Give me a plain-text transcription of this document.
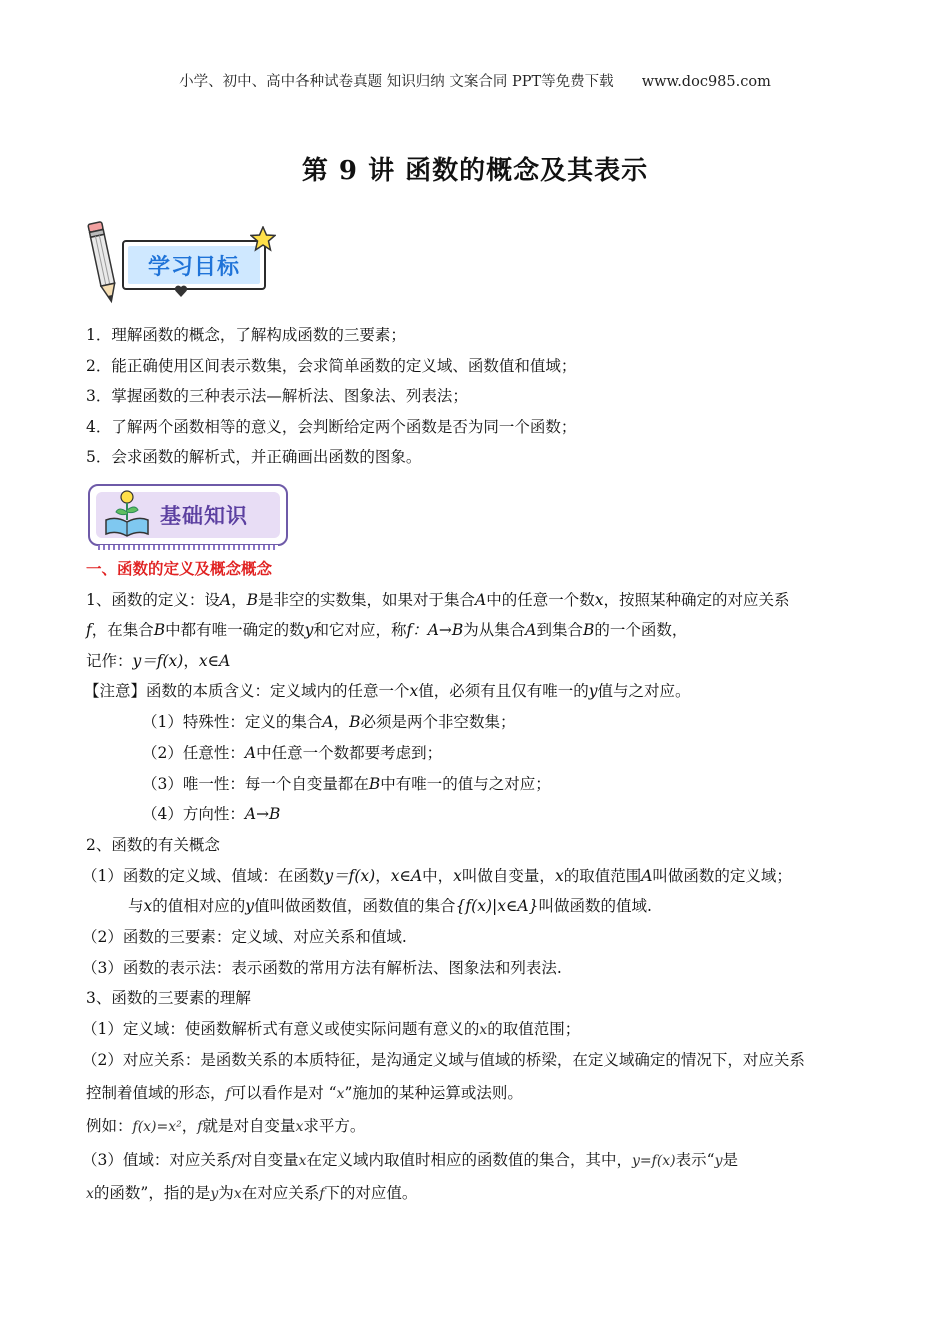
小学、初中、高中各种试卷真题 知识归纳 文案合同 PPT等免费下载 www.doc985.com
第 9 讲 函数的概念及其表示
学习目标
1．理解函数的概念，了解构成函数的三要素；
2．能正确使用区间表示数集，会求简单函数的定义域、函数值和值域；
3．掌握函数的三种表示法—解析法、图象法、列表法；
4．了解两个函数相等的意义，会判断给定两个函数是否为同一个函数；
5．会求函数的解析式，并正确画出函数的图象。
基础知识
一、函数的定义及概念概念
1、函数的定义：设A，B是非空的实数集，如果对于集合A中的任意一个数x，按照某种确定的对应关系
f，在集合B中都有唯一确定的数y和它对应，称f：A→B为从集合A到集合B的一个函数，
记作：y＝f(x)，x∈A
【注意】函数的本质含义：定义域内的任意一个x值，必须有且仅有唯一的y值与之对应。
（1）特殊性：定义的集合A，B必须是两个非空数集；
（2）任意性：A中任意一个数都要考虑到；
（3）唯一性：每一个自变量都在B中有唯一的值与之对应；
（4）方向性：A→B
2、函数的有关概念
（1）函数的定义域、值域：在函数y＝f(x)，x∈A中，x叫做自变量，x的取值范围A叫做函数的定义域；
与x的值相对应的y值叫做函数值，函数值的集合{f(x)|x∈A}叫做函数的值域.
（2）函数的三要素：定义域、对应关系和值域.
（3）函数的表示法：表示函数的常用方法有解析法、图象法和列表法.
3、函数的三要素的理解
（1）定义域：使函数解析式有意义或使实际问题有意义的x的取值范围；
（2）对应关系：是函数关系的本质特征，是沟通定义域与值域的桥梁，在定义域确定的情况下，对应关系
控制着值域的形态，f可以看作是对 “x”施加的某种运算或法则。
例如：f(x)=x²，f就是对自变量x求平方。
（3）值域：对应关系f对自变量x在定义域内取值时相应的函数值的集合，其中，y=f(x)表示“y是
x的函数”，指的是y为x在对应关系f下的对应值。
